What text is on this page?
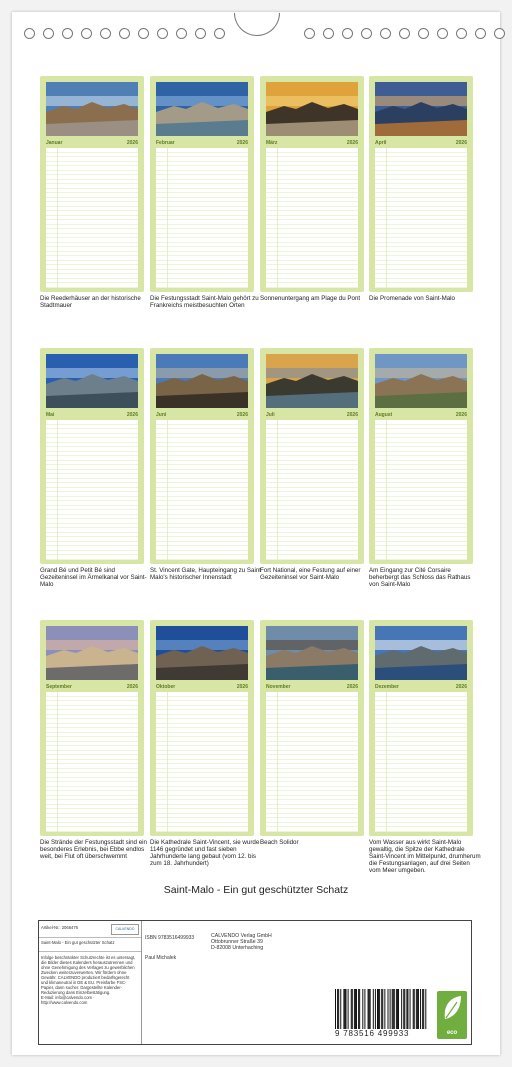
Januar	2026
Die Reederhäuser an der historische Stadtmauer
Februar	2026
Die Festungsstadt Saint-Malo gehört zu Frankreichs meistbesuchten Orten
März	2026
Sonnenuntergang am Plage du Pont
April	2026
Die Promenade von Saint-Malo
Mai	2026
Grand Bé und Petit Bé sind Gezeiteninsel im Ärmelkanal vor Saint-Malo
Juni	2026
St. Vincent Gate, Haupteingang zu Saint Malo's historischer Innenstadt
Juli	2026
Fort National, eine Festung auf einer Gezeiteninsel vor Saint-Malo
August	2026
Am Eingang zur Cité Corsaire beherbergt das Schloss das Rathaus von Saint-Malo
September	2026
Die Strände der Festungsstadt sind ein besonderes Erlebnis, bei Ebbe endlos weit, bei Flut oft überschwemmt
Oktober	2026
Die Kathedrale Saint-Vincent, sie wurde 1146 gegründet und fast sieben Jahrhunderte lang gebaut (vom 12. bis zum 18. Jahrhundert)
November	2026
Beach Solidor
Dezember	2026
Vom Wasser aus wirkt Saint-Malo gewaltig, die Spitze der Kathedrale Saint-Vincent im Mittelpunkt, drumherum die Festungsanlagen, auf drei Seiten vom Meer umgeben.
Saint-Malo - Ein gut geschützter Schatz
Artikel-Nr.: 2066476	CALVENDO
Saint-Malo - Ein gut geschützter Schatz
Infolge beschränkter Schutzrechte ist es untersagt, die Bilder dieses Kalenders herauszutrennen und ohne Genehmigung des Verlages zu gewerblichen Zwecken weiterzuverwerten. Wir fördern ohne Gewähr. CALVENDO produziert bedarfsgerecht und klimaneutral in DE & EU. Preisfarbe FSC-Papier, dann sucher. Dargestellte Kalender-Reduzierung dans Einzelbestätigung.
E-Mail: info@calvendo.com · http://www.calvendo.com
ISBN 9783516499933
Paul Michalek
CALVENDO Verlag GmbH
Ottobrunner Straße 39
D-82008 Unterhaching
9 783516 499933	eco
